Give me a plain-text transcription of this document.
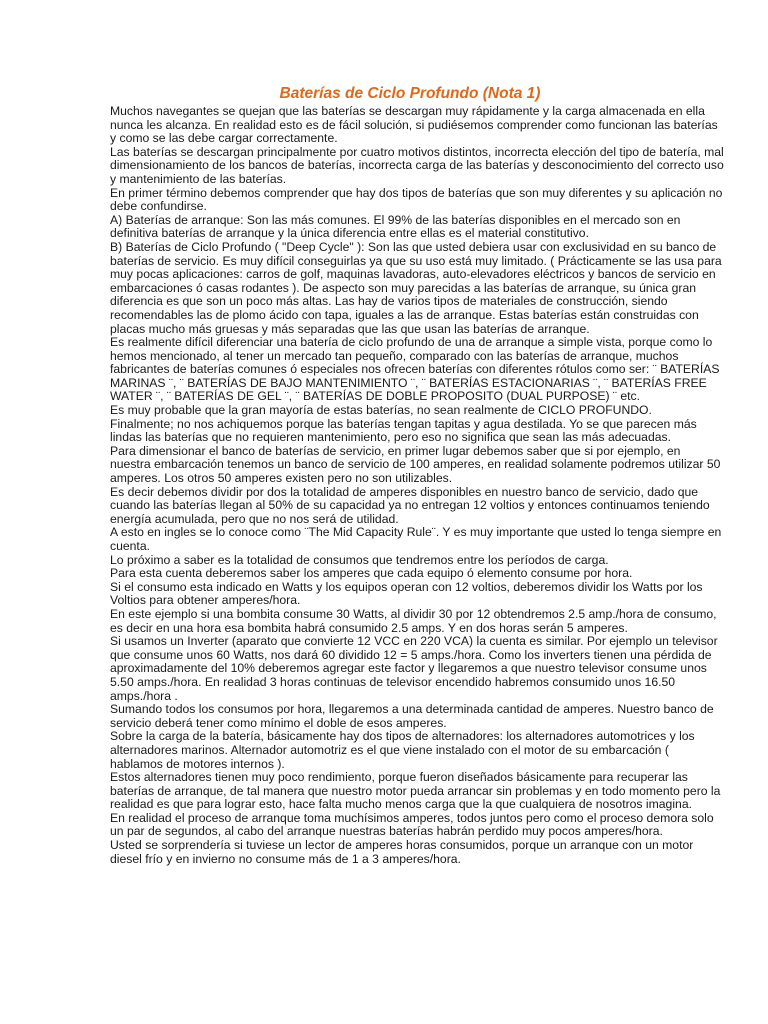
Baterías de Ciclo Profundo (Nota 1)

Muchos navegantes se quejan que las baterías se descargan muy rápidamente y la carga almacenada en ella nunca les alcanza. En realidad esto es de fácil solución, si pudiésemos comprender como funcionan las baterías y como se las debe cargar correctamente.

Las baterías se descargan principalmente por cuatro motivos distintos, incorrecta elección del tipo de batería, mal dimensionamiento de los bancos de baterías, incorrecta carga de las baterías y desconocimiento del correcto uso y mantenimiento de las baterías.

En primer término debemos comprender que hay dos tipos de baterías que son muy diferentes y su aplicación no debe confundirse.

A) Baterías de arranque: Son las más comunes. El 99% de las baterías disponibles en el mercado son en definitiva baterías de arranque y la única diferencia entre ellas es el material constitutivo.

B) Baterías de Ciclo Profundo ( "Deep Cycle" ): Son las que usted debiera usar con exclusividad en su banco de baterías de servicio. Es muy difícil conseguirlas ya que su uso está muy limitado. ( Prácticamente se las usa para muy pocas aplicaciones: carros de golf, maquinas lavadoras, auto-elevadores eléctricos y bancos de servicio en embarcaciones ó casas rodantes ). De aspecto son muy parecidas a las baterías de arranque, su única gran diferencia es que son un poco más altas. Las hay de varios tipos de materiales de construcción, siendo recomendables las de plomo ácido con tapa, iguales a las de arranque. Estas baterías están construidas con placas mucho más gruesas y más separadas que las que usan las baterías de arranque.

Es realmente difícil diferenciar una batería de ciclo profundo de una de arranque a simple vista, porque como lo hemos mencionado, al tener un mercado tan pequeño, comparado con las baterías de arranque, muchos fabricantes de baterías comunes ó especiales nos ofrecen baterías con diferentes rótulos como ser: ¨ BATERÍAS MARINAS ¨, ¨ BATERÍAS DE BAJO MANTENIMIENTO ¨, ¨ BATERÍAS ESTACIONARIAS ¨, ¨ BATERÍAS FREE WATER ¨, ¨ BATERÍAS DE GEL ¨, ¨ BATERÍAS DE DOBLE PROPOSITO (DUAL PURPOSE) ¨ etc.

Es muy probable que la gran mayoría de estas baterías, no sean realmente de CICLO PROFUNDO.

Finalmente; no nos achiquemos porque las baterías tengan tapitas y agua destilada. Yo se que parecen más lindas las baterías que no requieren mantenimiento, pero eso no significa que sean las más adecuadas.

Para dimensionar el banco de baterías de servicio, en primer lugar debemos saber que si por ejemplo, en nuestra embarcación tenemos un banco de servicio de 100 amperes, en realidad solamente podremos utilizar 50 amperes. Los otros 50 amperes existen pero no son utilizables.

Es decir debemos dividir por dos la totalidad de amperes disponibles en nuestro banco de servicio, dado que cuando las baterías llegan al 50% de su capacidad ya no entregan 12 voltios y entonces continuamos teniendo energía acumulada, pero que no nos será de utilidad.

A esto en ingles se lo conoce como ¨The Mid Capacity Rule¨. Y es muy importante que usted lo tenga siempre en cuenta.

Lo próximo a saber es la totalidad de consumos que tendremos entre los períodos de carga.

Para esta cuenta deberemos saber los amperes que cada equipo ó elemento consume por hora.

Si el consumo esta indicado en Watts y los equipos operan con 12 voltios, deberemos dividir los Watts por los Voltios para obtener amperes/hora.

En este ejemplo si una bombita consume 30 Watts, al dividir 30 por 12 obtendremos 2.5 amp./hora de consumo, es decir en una hora esa bombita habrá consumido 2.5 amps. Y en dos horas serán 5 amperes.

Si usamos un Inverter (aparato que convierte 12 VCC en 220 VCA) la cuenta es similar. Por ejemplo un televisor que consume unos 60 Watts, nos dará 60 dividido 12 = 5 amps./hora. Como los inverters tienen una pérdida de aproximadamente del 10% deberemos agregar este factor y llegaremos a que nuestro televisor consume unos 5.50 amps./hora. En realidad 3 horas continuas de televisor encendido habremos consumido unos 16.50 amps./hora .

Sumando todos los consumos por hora, llegaremos a una determinada cantidad de amperes. Nuestro banco de servicio deberá tener como mínimo el doble de esos amperes.

Sobre la carga de la batería, básicamente hay dos tipos de alternadores: los alternadores automotrices y los alternadores marinos. Alternador automotriz es el que viene instalado con el motor de su embarcación ( hablamos de motores internos ).

Estos alternadores tienen muy poco rendimiento, porque fueron diseñados básicamente para recuperar las baterías de arranque, de tal manera que nuestro motor pueda arrancar sin problemas y en todo momento pero la realidad es que para lograr esto, hace falta mucho menos carga que la que cualquiera de nosotros imagina.

En realidad el proceso de arranque toma muchísimos amperes, todos juntos pero como el proceso demora solo un par de segundos, al cabo del arranque nuestras baterías habrán perdido muy pocos amperes/hora.

Usted se sorprendería si tuviese un lector de amperes horas consumidos, porque un arranque con un motor diesel frío y en invierno no consume más de 1 a 3 amperes/hora.
